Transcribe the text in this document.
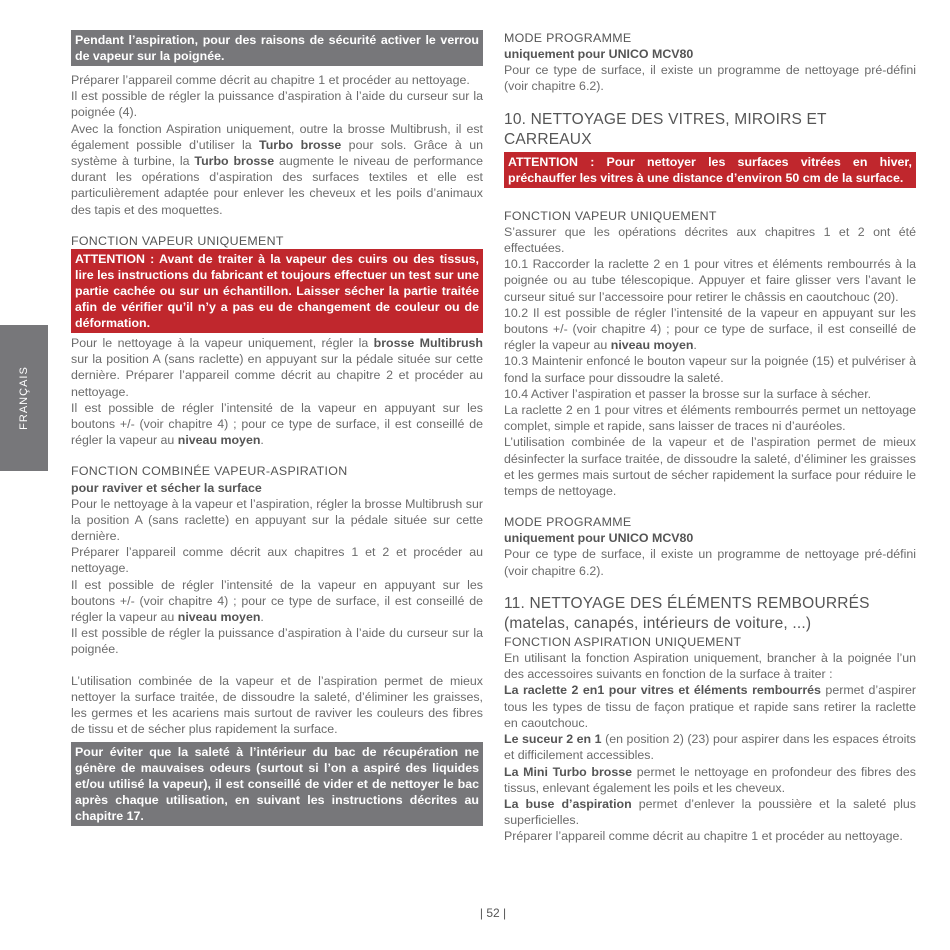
FRANÇAIS
Pendant l’aspiration, pour des raisons de sécurité activer le verrou de vapeur sur la poignée.

Préparer l’appareil comme décrit au chapitre 1 et procéder au nettoyage.

Il est possible de régler la puissance d’aspiration à l’aide du curseur sur la poignée (4).

Avec la fonction Aspiration uniquement, outre la brosse Multibrush, il est également possible d’utiliser la Turbo brosse pour sols. Grâce à un système à turbine, la Turbo brosse augmente le niveau de performance durant les opérations d’aspiration des surfaces textiles et elle est particulièrement adaptée pour enlever les cheveux et les poils d’animaux des tapis et des moquettes.

FONCTION VAPEUR UNIQUEMENT
ATTENTION : Avant de traiter à la vapeur des cuirs ou des tissus, lire les instructions du fabricant et toujours effectuer un test sur une partie cachée ou sur un échantillon. Laisser sécher la partie traitée afin de vérifier qu’il n’y a pas eu de changement de couleur ou de déformation.

Pour le nettoyage à la vapeur uniquement, régler la brosse Multibrush sur la position A (sans raclette) en appuyant sur la pédale située sur cette dernière. Préparer l’appareil comme décrit au chapitre 2 et procéder au nettoyage.

Il est possible de régler l’intensité de la vapeur en appuyant sur les boutons +/- (voir chapitre 4) ; pour ce type de surface, il est conseillé de régler la vapeur au niveau moyen.

FONCTION COMBINÉE VAPEUR-ASPIRATION
pour raviver et sécher la surface

Pour le nettoyage à la vapeur et l’aspiration, régler la brosse Multibrush sur la position A (sans raclette) en appuyant sur la pédale située sur cette dernière.

Préparer l’appareil comme décrit aux chapitres 1 et 2 et procéder au nettoyage.

Il est possible de régler l’intensité de la vapeur en appuyant sur les boutons +/- (voir chapitre 4) ; pour ce type de surface, il est conseillé de régler la vapeur au niveau moyen.

Il est possible de régler la puissance d’aspiration à l’aide du curseur sur la poignée.

L’utilisation combinée de la vapeur et de l’aspiration permet de mieux nettoyer la surface traitée, de dissoudre la saleté, d’éliminer les graisses, les germes et les acariens mais surtout de raviver les couleurs des fibres de tissu et de sécher plus rapidement la surface.

Pour éviter que la saleté à l’intérieur du bac de récupération ne génère de mauvaises odeurs (surtout si l’on a aspiré des liquides et/ou utilisé la vapeur), il est conseillé de vider et de nettoyer le bac après chaque utilisation, en suivant les instructions décrites au chapitre 17.
MODE PROGRAMME
uniquement pour UNICO MCV80

Pour ce type de surface, il existe un programme de nettoyage pré-défini (voir chapitre 6.2).

10. NETTOYAGE DES VITRES, MIROIRS ET CARREAUX
ATTENTION : Pour nettoyer les surfaces vitrées en hiver, préchauffer les vitres à une distance d’environ 50 cm de la surface.
FONCTION VAPEUR UNIQUEMENT

S’assurer que les opérations décrites aux chapitres 1 et 2 ont été effectuées.

10.1 Raccorder la raclette 2 en 1 pour vitres et éléments rembourrés à la poignée ou au tube télescopique. Appuyer et faire glisser vers l’avant le curseur situé sur l’accessoire pour retirer le châssis en caoutchouc (20).

10.2 Il est possible de régler l’intensité de la vapeur en appuyant sur les boutons +/- (voir chapitre 4) ; pour ce type de surface, il est conseillé de régler la vapeur au niveau moyen.

10.3 Maintenir enfoncé le bouton vapeur sur la poignée (15) et pulvériser à fond la surface pour dissoudre la saleté.

10.4 Activer l’aspiration et passer la brosse sur la surface à sécher.

La raclette 2 en 1 pour vitres et éléments rembourrés permet un nettoyage complet, simple et rapide, sans laisser de traces ni d’auréoles.

L’utilisation combinée de la vapeur et de l’aspiration permet de mieux désinfecter la surface traitée, de dissoudre la saleté, d’éliminer les graisses et les germes mais surtout de sécher rapidement la surface pour réduire le temps de nettoyage.

MODE PROGRAMME
uniquement pour UNICO MCV80

Pour ce type de surface, il existe un programme de nettoyage pré-défini (voir chapitre 6.2).

11. NETTOYAGE DES ÉLÉMENTS REMBOURRÉS
(matelas, canapés, intérieurs de voiture, ...)
FONCTION ASPIRATION UNIQUEMENT

En utilisant la fonction Aspiration uniquement, brancher à la poignée l’un des accessoires suivants en fonction de la surface à traiter :

La raclette 2 en1 pour vitres et éléments rembourrés permet d’aspirer tous les types de tissu de façon pratique et rapide sans retirer la raclette en caoutchouc.

Le suceur 2 en 1 (en position 2) (23) pour aspirer dans les espaces étroits et difficilement accessibles.

La Mini Turbo brosse permet le nettoyage en profondeur des fibres des tissus, enlevant également les poils et les cheveux.

La buse d’aspiration permet d’enlever la poussière et la saleté plus superficielles.

Préparer l’appareil comme décrit au chapitre 1 et procéder au nettoyage.

| 52 |
